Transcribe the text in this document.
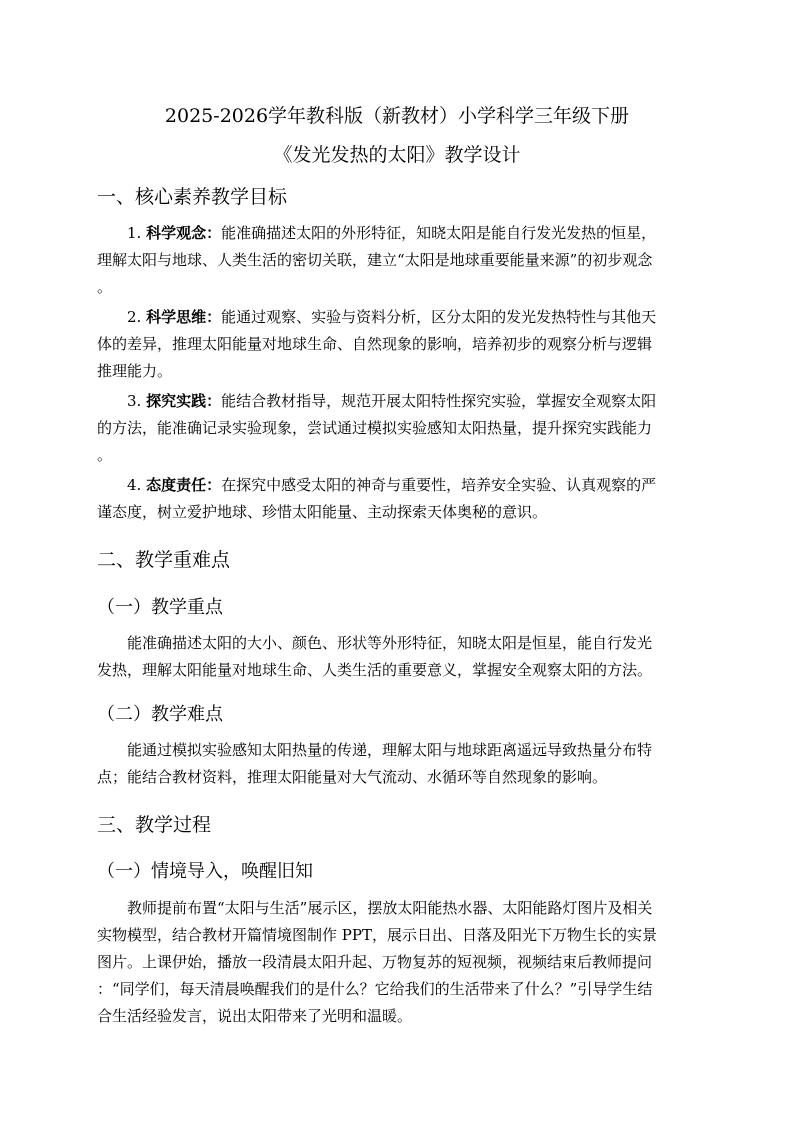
2025-2026学年教科版（新教材）小学科学三年级下册
《发光发热的太阳》教学设计
一、核心素养教学目标
1. 科学观念：能准确描述太阳的外形特征，知晓太阳是能自行发光发热的恒星，
理解太阳与地球、人类生活的密切关联，建立“太阳是地球重要能量来源”的初步观念
。
2. 科学思维：能通过观察、实验与资料分析，区分太阳的发光发热特性与其他天
体的差异，推理太阳能量对地球生命、自然现象的影响，培养初步的观察分析与逻辑
推理能力。
3. 探究实践：能结合教材指导，规范开展太阳特性探究实验，掌握安全观察太阳
的方法，能准确记录实验现象，尝试通过模拟实验感知太阳热量，提升探究实践能力
。
4. 态度责任：在探究中感受太阳的神奇与重要性，培养安全实验、认真观察的严
谨态度，树立爱护地球、珍惜太阳能量、主动探索天体奥秘的意识。
二、教学重难点
（一）教学重点
能准确描述太阳的大小、颜色、形状等外形特征，知晓太阳是恒星，能自行发光
发热，理解太阳能量对地球生命、人类生活的重要意义，掌握安全观察太阳的方法。
（二）教学难点
能通过模拟实验感知太阳热量的传递，理解太阳与地球距离遥远导致热量分布特
点；能结合教材资料，推理太阳能量对大气流动、水循环等自然现象的影响。
三、教学过程
（一）情境导入，唤醒旧知
教师提前布置“太阳与生活”展示区，摆放太阳能热水器、太阳能路灯图片及相关
实物模型，结合教材开篇情境图制作 PPT，展示日出、日落及阳光下万物生长的实景
图片。上课伊始，播放一段清晨太阳升起、万物复苏的短视频，视频结束后教师提问
：“同学们，每天清晨唤醒我们的是什么？它给我们的生活带来了什么？”引导学生结
合生活经验发言，说出太阳带来了光明和温暖。
